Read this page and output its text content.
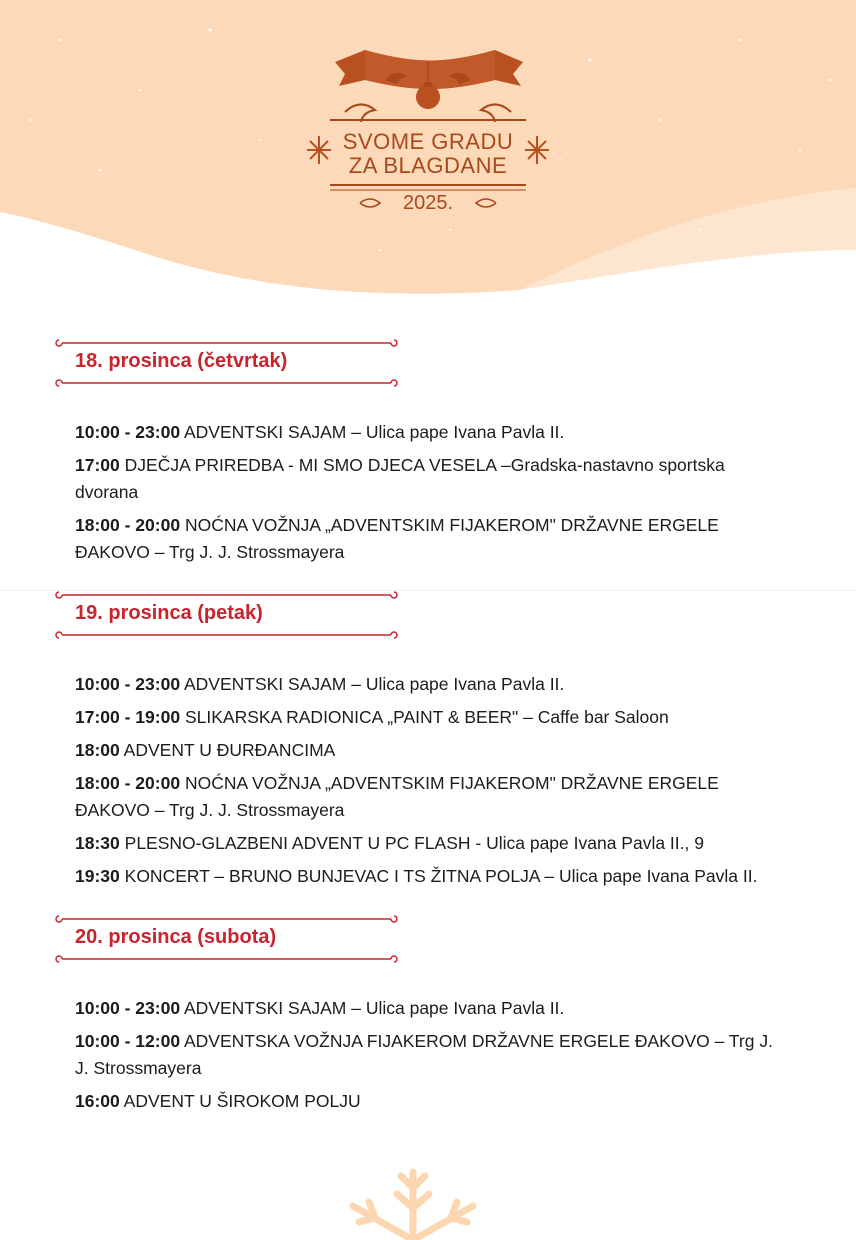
SVOME GRADU
ZA BLAGDANE
2025.
18. prosinca (četvrtak)
10:00 - 23:00 ADVENTSKI SAJAM – Ulica pape Ivana Pavla II.
17:00 DJEČJA PRIREDBA - MI SMO DJECA VESELA –Gradska-nastavno sportska dvorana
18:00 - 20:00 NOĆNA VOŽNJA „ADVENTSKIM FIJAKEROM" DRŽAVNE ERGELE ĐAKOVO – Trg J. J. Strossmayera
19. prosinca (petak)
10:00 - 23:00 ADVENTSKI SAJAM – Ulica pape Ivana Pavla II.
17:00 - 19:00 SLIKARSKA RADIONICA „PAINT & BEER" – Caffe bar Saloon
18:00 ADVENT U ĐURĐANCIMA
18:00 - 20:00 NOĆNA VOŽNJA „ADVENTSKIM FIJAKEROM" DRŽAVNE ERGELE ĐAKOVO – Trg J. J. Strossmayera
18:30 PLESNO-GLAZBENI ADVENT U PC FLASH - Ulica pape Ivana Pavla II., 9
19:30 KONCERT – BRUNO BUNJEVAC I TS ŽITNA POLJA – Ulica pape Ivana Pavla II.
20. prosinca (subota)
10:00 - 23:00 ADVENTSKI SAJAM – Ulica pape Ivana Pavla II.
10:00 - 12:00 ADVENTSKA VOŽNJA FIJAKEROM DRŽAVNE ERGELE ĐAKOVO – Trg J. J. Strossmayera
16:00 ADVENT U ŠIROKOM POLJU
